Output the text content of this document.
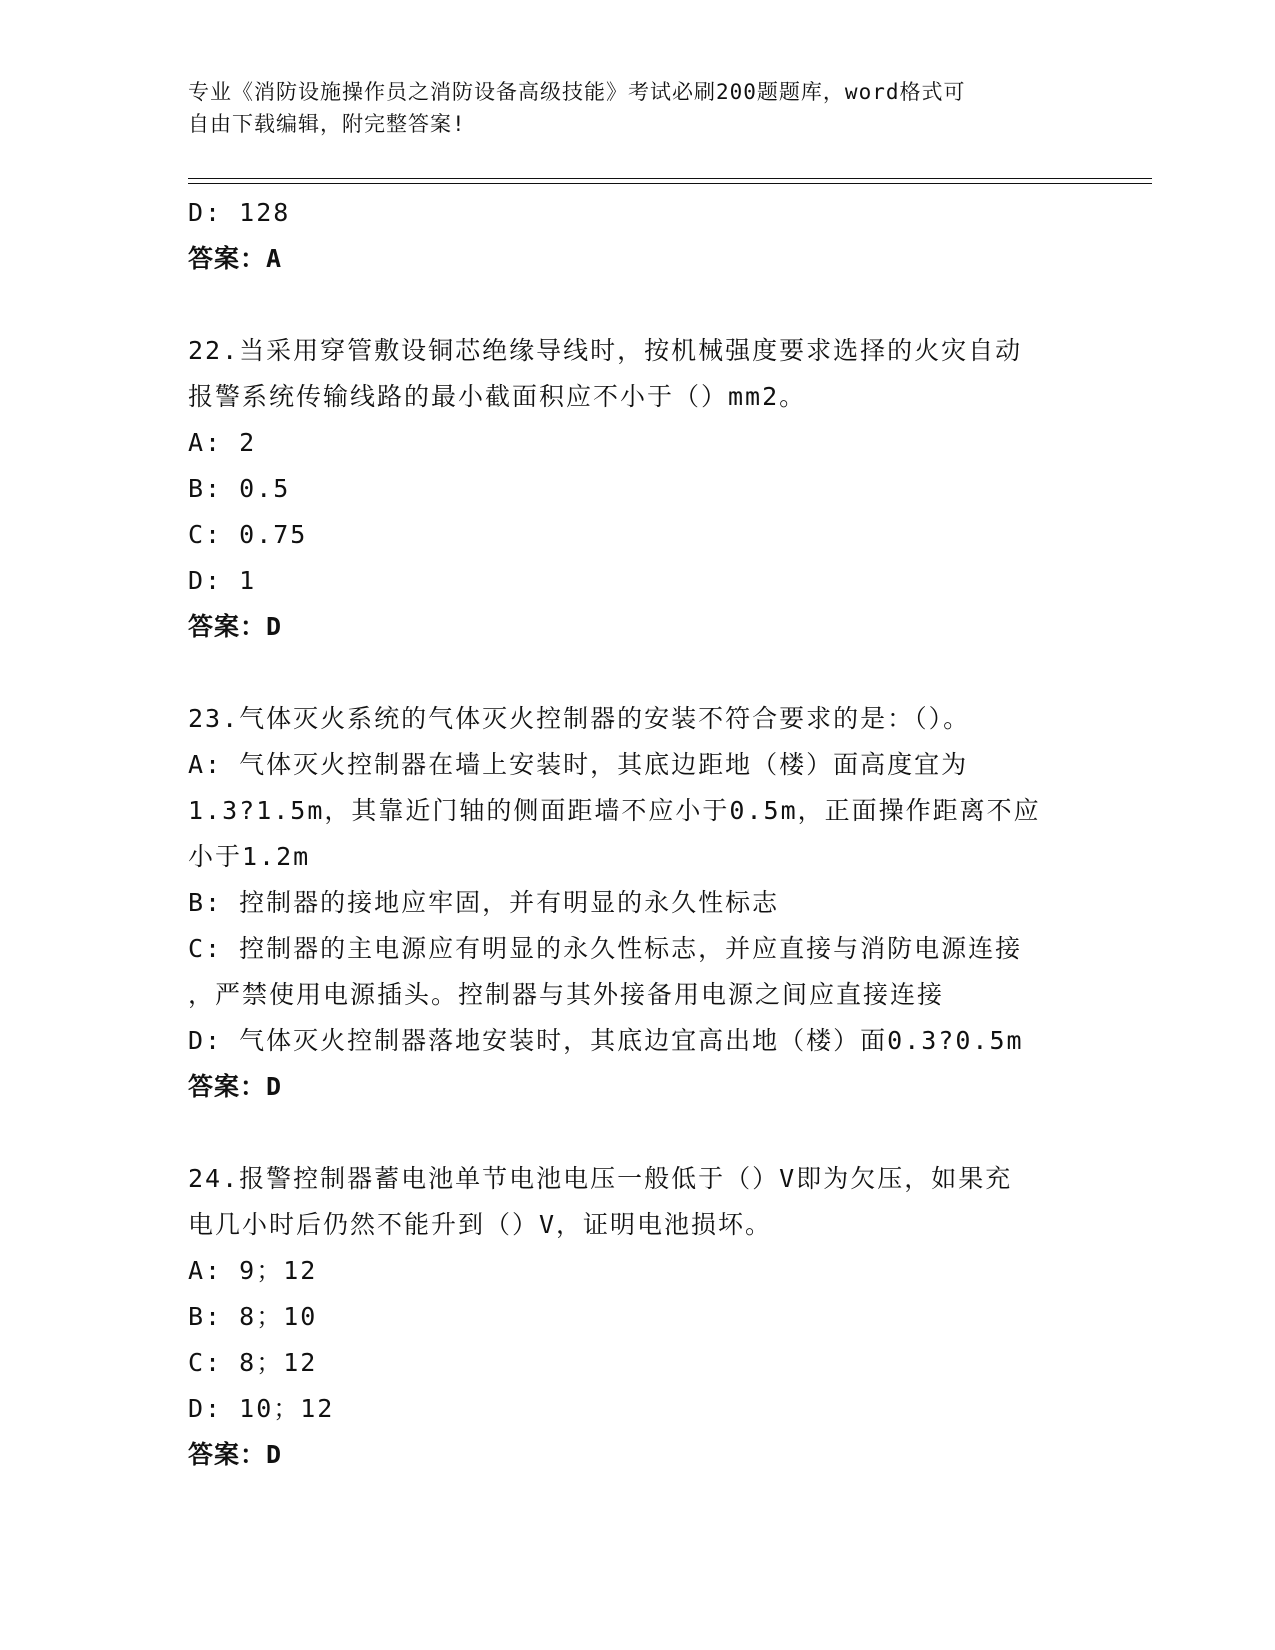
专业《消防设施操作员之消防设备高级技能》考试必刷200题题库，word格式可
自由下载编辑，附完整答案!
D: 128
答案：A
22.当采用穿管敷设铜芯绝缘导线时，按机械强度要求选择的火灾自动
报警系统传输线路的最小截面积应不小于（）mm2。
A: 2
B: 0.5
C: 0.75
D: 1
答案：D
23.气体灭火系统的气体灭火控制器的安装不符合要求的是：（）。
A: 气体灭火控制器在墙上安装时，其底边距地（楼）面高度宜为
1.3?1.5m，其靠近门轴的侧面距墙不应小于0.5m，正面操作距离不应
小于1.2m
B: 控制器的接地应牢固，并有明显的永久性标志
C: 控制器的主电源应有明显的永久性标志，并应直接与消防电源连接
，严禁使用电源插头。控制器与其外接备用电源之间应直接连接
D: 气体灭火控制器落地安装时，其底边宜高出地（楼）面0.3?0.5m
答案：D
24.报警控制器蓄电池单节电池电压一般低于（）V即为欠压，如果充
电几小时后仍然不能升到（）V，证明电池损坏。
A: 9；12
B: 8；10
C: 8；12
D: 10；12
答案：D
